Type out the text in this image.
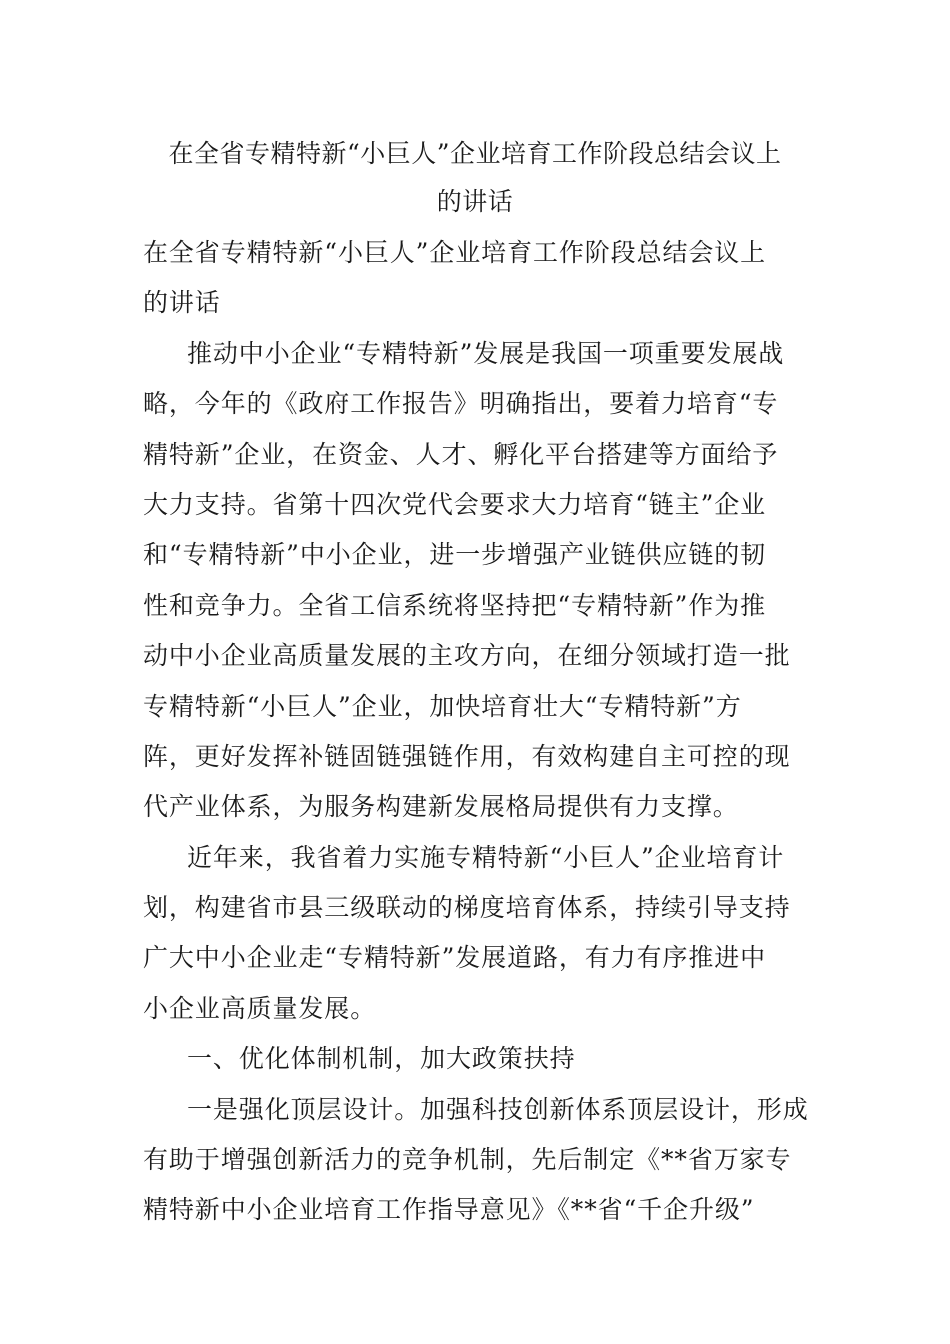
在全省专精特新“小巨人”企业培育工作阶段总结会议上
的讲话
在全省专精特新“小巨人”企业培育工作阶段总结会议上
的讲话
推动中小企业“专精特新”发展是我国一项重要发展战
略，今年的《政府工作报告》明确指出，要着力培育“专
精特新”企业，在资金、人才、孵化平台搭建等方面给予
大力支持。省第十四次党代会要求大力培育“链主”企业
和“专精特新”中小企业，进一步增强产业链供应链的韧
性和竞争力。全省工信系统将坚持把“专精特新”作为推
动中小企业高质量发展的主攻方向，在细分领域打造一批
专精特新“小巨人”企业，加快培育壮大“专精特新”方
阵，更好发挥补链固链强链作用，有效构建自主可控的现
代产业体系，为服务构建新发展格局提供有力支撑。
近年来，我省着力实施专精特新“小巨人”企业培育计
划，构建省市县三级联动的梯度培育体系，持续引导支持
广大中小企业走“专精特新”发展道路，有力有序推进中
小企业高质量发展。
一、优化体制机制，加大政策扶持
一是强化顶层设计。加强科技创新体系顶层设计，形成
有助于增强创新活力的竞争机制，先后制定《**省万家专
精特新中小企业培育工作指导意见》《**省“千企升级”
